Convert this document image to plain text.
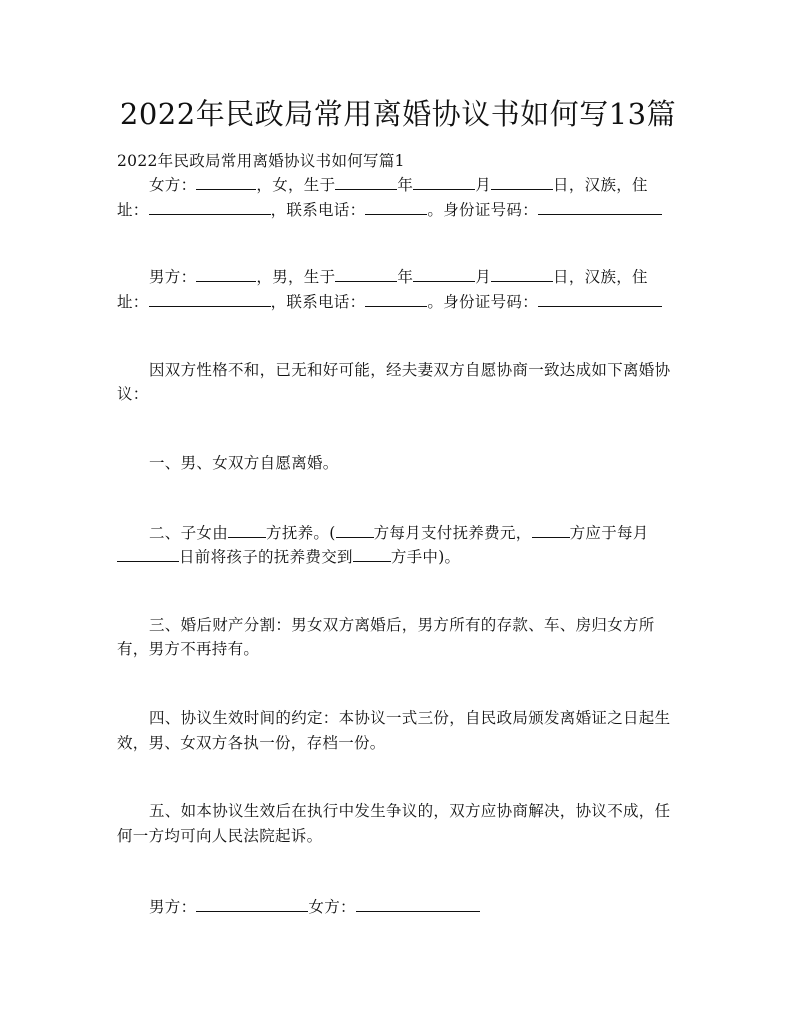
2022年民政局常用离婚协议书如何写13篇
2022年民政局常用离婚协议书如何写篇1
女方：	，女，生于	年	月	日，汉族，住
址：	，联系电话：	。身份证号码：
男方：	，男，生于	年	月	日，汉族，住
址：	，联系电话：	。身份证号码：
因双方性格不和，已无和好可能，经夫妻双方自愿协商一致达成如下离婚协
议：
一、男、女双方自愿离婚。
二、子女由 方抚养。( 方每月支付抚养费元， 方应于每月
日前将孩子的抚养费交到 方手中)。
三、婚后财产分割：男女双方离婚后，男方所有的存款、车、房归女方所
有，男方不再持有。
四、协议生效时间的约定：本协议一式三份，自民政局颁发离婚证之日起生
效，男、女双方各执一份，存档一份。
五、如本协议生效后在执行中发生争议的，双方应协商解决，协议不成，任
何一方均可向人民法院起诉。
男方：	女方：
